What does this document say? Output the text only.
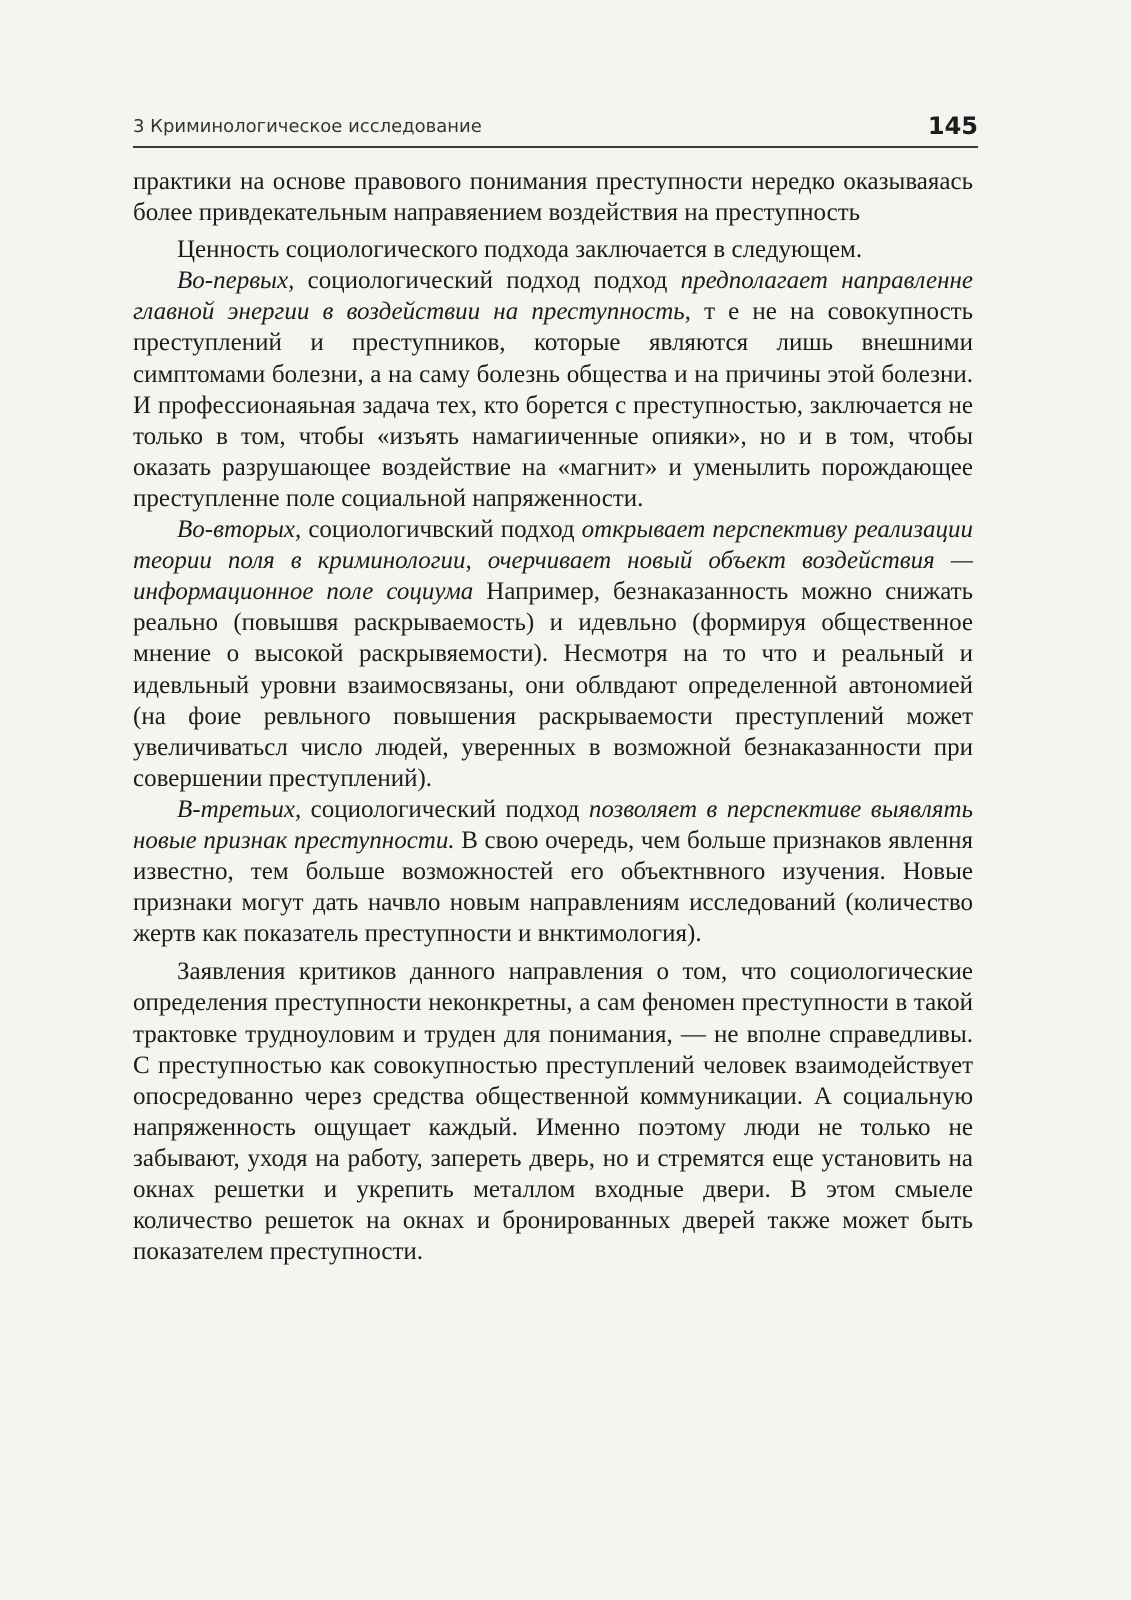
3 Криминологическое исследование	145

практики на основе правового понимания преступности нередко оказываяась более привдекательным направяением воздействия на преступность

Ценность социологического подхода заключается в следующем.

Во-первых, социологический подход подход предполагает направленне главной энергии в воздействии на преступность, т е не на совокупность преступлений и преступников, которые являются лишь внешними симптомами болезни, а на саму болезнь общества и на причины этой болезни. И профессионаяьная задача тех, кто борется с преступностью, заключается не только в том, чтобы «изъять намагииченные опияки», но и в том, чтобы оказать разрушающее воздействие на «магнит» и уменылить порождающее преступленне поле социальной напряженности.

Во-вторых, социологичвский подход открывает перспективу реализации теории поля в криминологии, очерчивает новый объект воздействия — информационное поле социума Например, безнаказанность можно снижать реально (повышвя раскрываемость) и идевльно (формируя общественное мнение о высокой раскрывяемости). Несмотря на то что и реальный и идевльный уровни взаимосвязаны, они облвдают определенной автономией (на фоие ревльного повышения раскрываемости преступлений может увеличиватьсл число людей, уверенных в возможной безнаказанности при совершении преступлений).

В-третьих, социологический подход позволяет в перспективе выявлять новые признак преступности. В свою очередь, чем больше признаков явлення известно, тем больше возможностей его объектнвного изучения. Новые признаки могут дать начвло новым направлениям исследований (количество жертв как показатель преступности и внктимология).

Заявления критиков данного направления о том, что социологические определения преступности неконкретны, а сам феномен преступности в такой трактовке трудноуловим и труден для понимания, — не вполне справедливы. С преступностью как совокупностью преступлений человек взаимодействует опосредованно через средства общественной коммуникации. А социальную напряженность ощущает каждый. Именно поэтому люди не только не забывают, уходя на работу, запереть дверь, но и стремятся еще установить на окнах решетки и укрепить металлом входные двери. В этом смыеле количество решеток на окнах и бронированных дверей также может быть показателем преступности.
